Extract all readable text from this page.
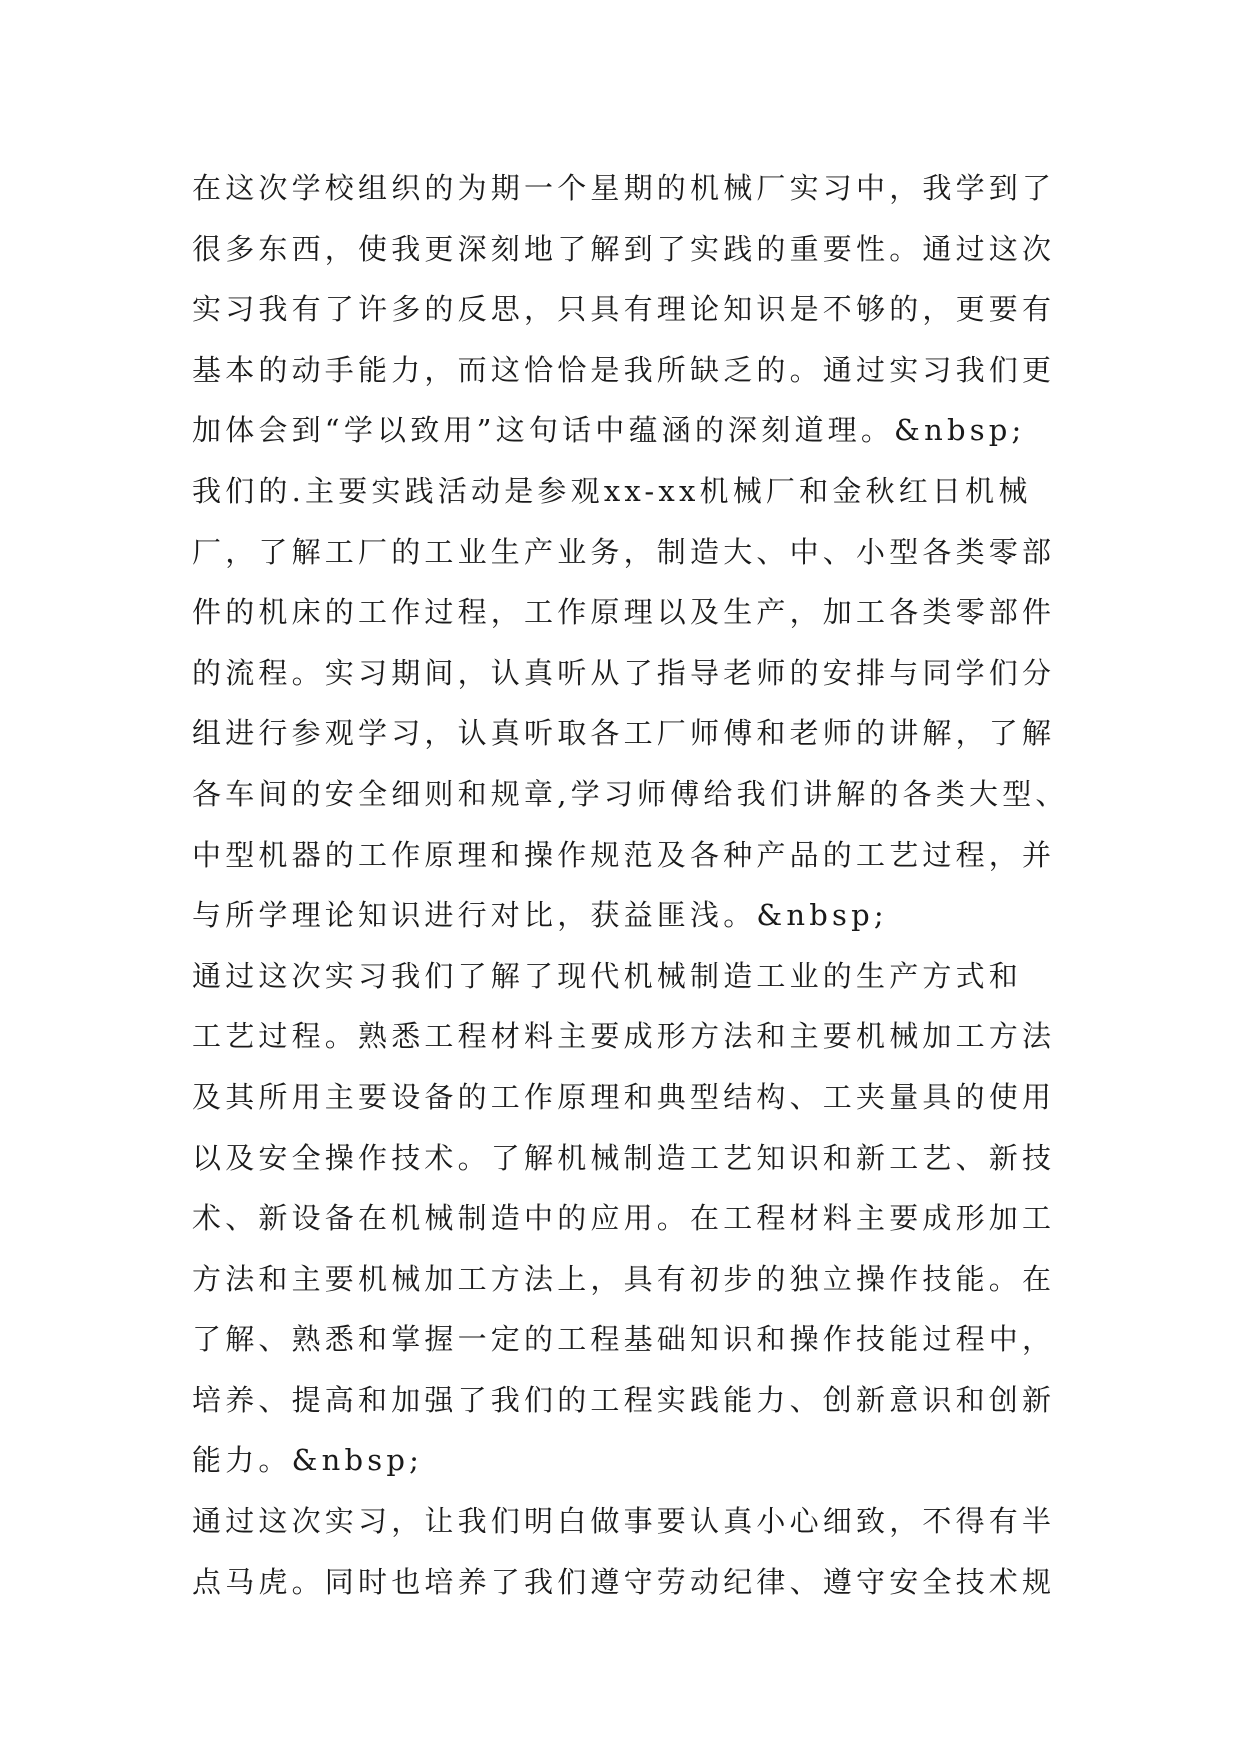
在这次学校组织的为期一个星期的机械厂实习中，我学到了
很多东西，使我更深刻地了解到了实践的重要性。通过这次
实习我有了许多的反思，只具有理论知识是不够的，更要有
基本的动手能力，而这恰恰是我所缺乏的。通过实习我们更
加体会到“学以致用”这句话中蕴涵的深刻道理。&nbsp;
我们的.主要实践活动是参观xx-xx机械厂和金秋红日机械
厂，了解工厂的工业生产业务，制造大、中、小型各类零部
件的机床的工作过程，工作原理以及生产，加工各类零部件
的流程。实习期间，认真听从了指导老师的安排与同学们分
组进行参观学习，认真听取各工厂师傅和老师的讲解，了解
各车间的安全细则和规章,学习师傅给我们讲解的各类大型、
中型机器的工作原理和操作规范及各种产品的工艺过程，并
与所学理论知识进行对比，获益匪浅。&nbsp;
通过这次实习我们了解了现代机械制造工业的生产方式和
工艺过程。熟悉工程材料主要成形方法和主要机械加工方法
及其所用主要设备的工作原理和典型结构、工夹量具的使用
以及安全操作技术。了解机械制造工艺知识和新工艺、新技
术、新设备在机械制造中的应用。在工程材料主要成形加工
方法和主要机械加工方法上，具有初步的独立操作技能。在
了解、熟悉和掌握一定的工程基础知识和操作技能过程中，
培养、提高和加强了我们的工程实践能力、创新意识和创新
能力。&nbsp;
通过这次实习，让我们明白做事要认真小心细致，不得有半
点马虎。同时也培养了我们遵守劳动纪律、遵守安全技术规
